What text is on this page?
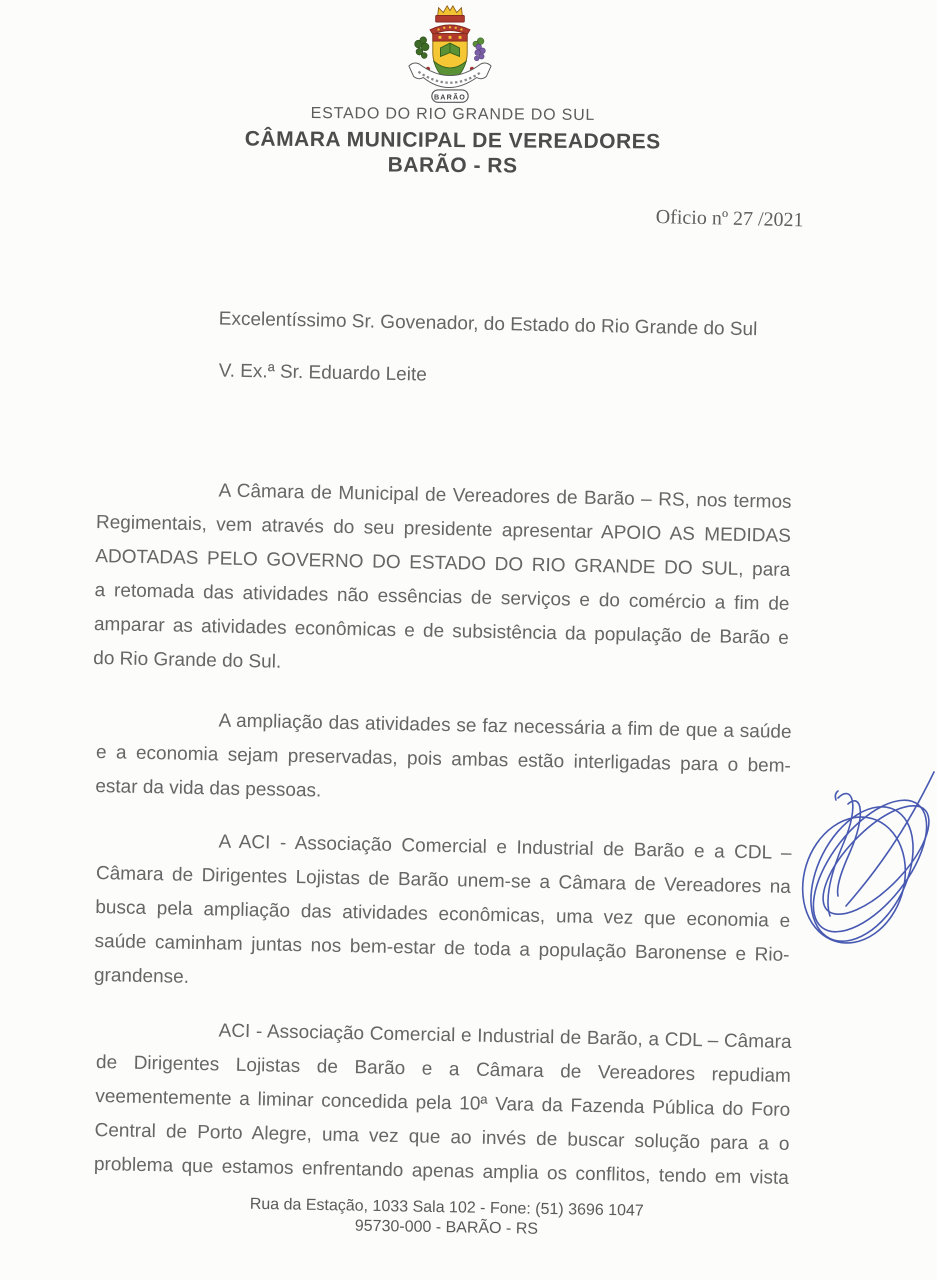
BARÃO
ESTADO DO RIO GRANDE DO SUL
CÂMARA MUNICIPAL DE VEREADORES
BARÃO - RS
Oficio nº 27 /2021
Excelentíssimo Sr. Govenador, do Estado do Rio Grande do Sul
V. Ex.ª Sr. Eduardo Leite
A Câmara de Municipal de Vereadores de Barão – RS, nos termos
Regimentais, vem através do seu presidente apresentar APOIO AS MEDIDAS
ADOTADAS PELO GOVERNO DO ESTADO DO RIO GRANDE DO SUL, para
a retomada das atividades não essências de serviços e do comércio a fim de
amparar as atividades econômicas e de subsistência da população de Barão e
do Rio Grande do Sul.
A ampliação das atividades se faz necessária a fim de que a saúde
e a economia sejam preservadas, pois ambas estão interligadas para o bem-
estar da vida das pessoas.
A ACI - Associação Comercial e Industrial de Barão e a CDL –
Câmara de Dirigentes Lojistas de Barão unem-se a Câmara de Vereadores na
busca pela ampliação das atividades econômicas, uma vez que economia e
saúde caminham juntas nos bem-estar de toda a população Baronense e Rio-
grandense.
ACI - Associação Comercial e Industrial de Barão, a CDL – Câmara
de Dirigentes Lojistas de Barão e a Câmara de Vereadores repudiam
veementemente a liminar concedida pela 10ª Vara da Fazenda Pública do Foro
Central de Porto Alegre, uma vez que ao invés de buscar solução para a o
problema que estamos enfrentando apenas amplia os conflitos, tendo em vista
Rua da Estação, 1033 Sala 102 - Fone: (51) 3696 1047
95730-000 - BARÃO - RS
